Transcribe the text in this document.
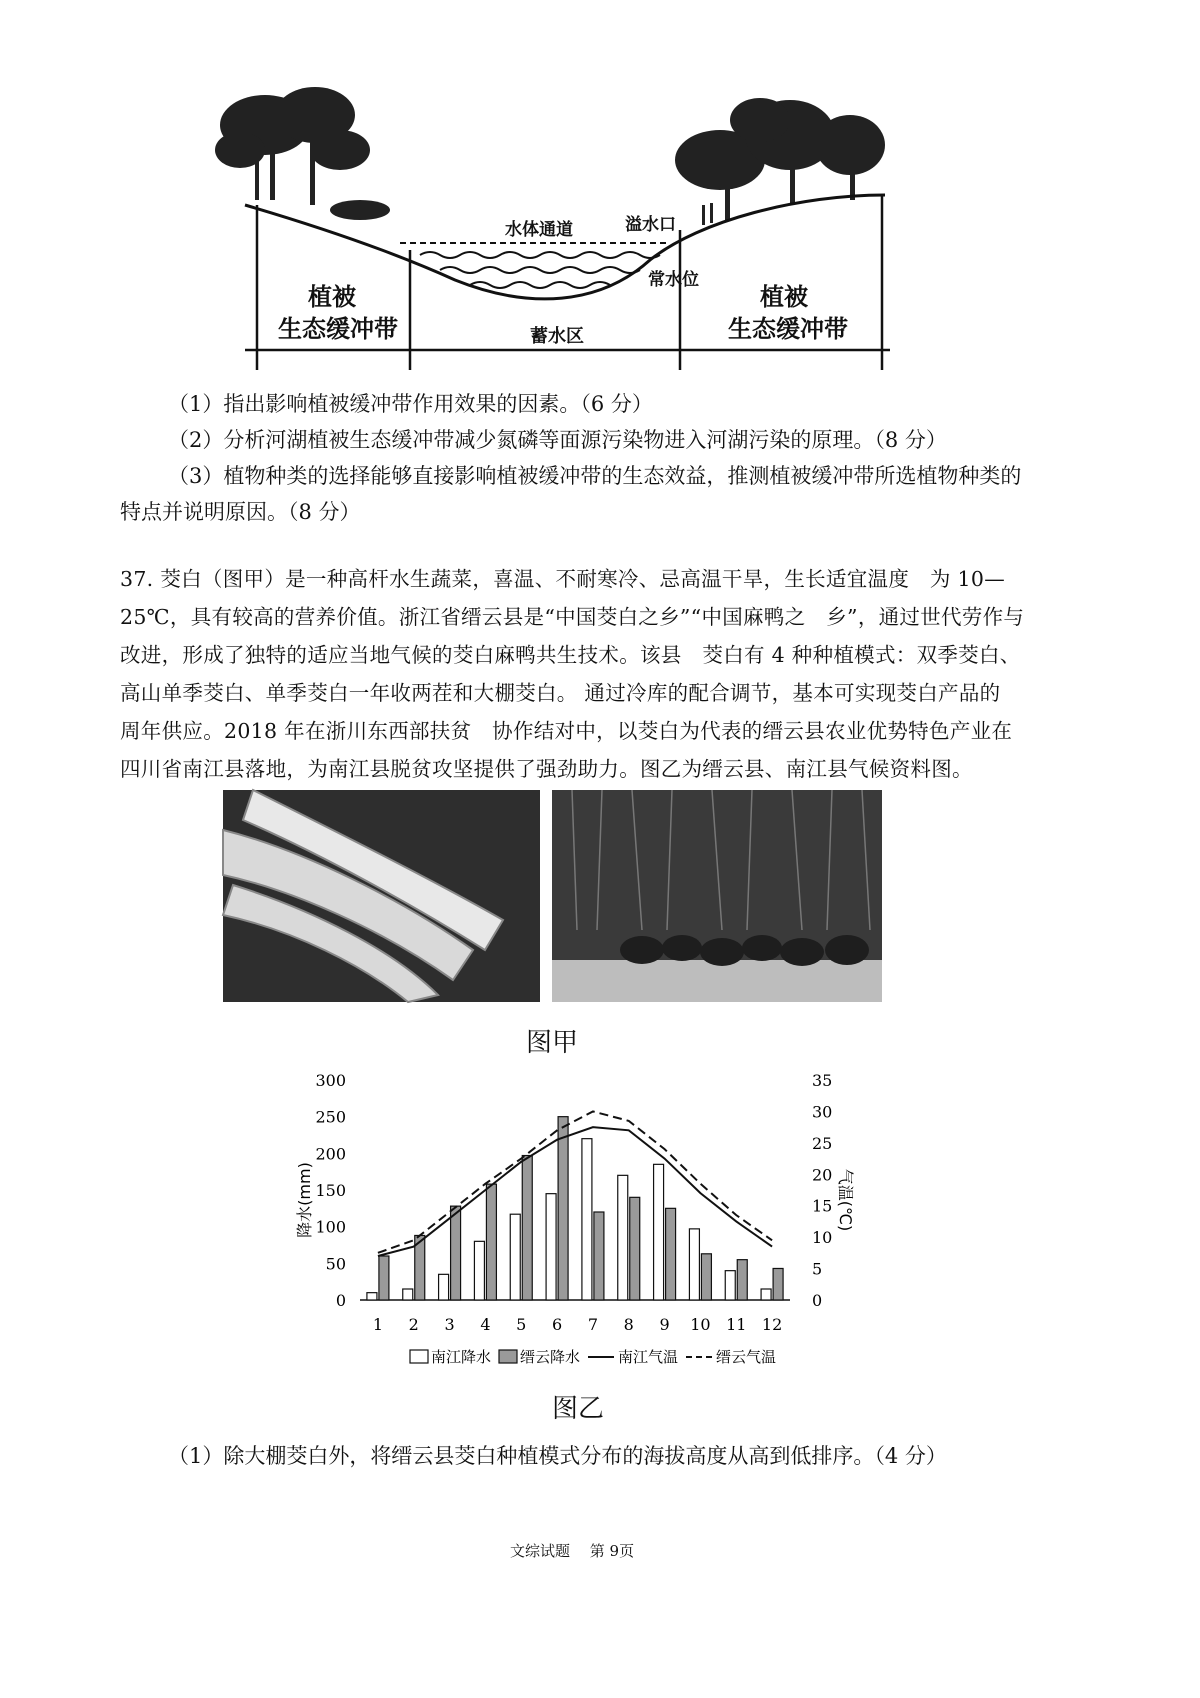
水体通道	溢水口
常水位
植被
生态缓冲带
植被
生态缓冲带
蓄水区
（1）指出影响植被缓冲带作用效果的因素。（6 分）
（2）分析河湖植被生态缓冲带减少氮磷等面源污染物进入河湖污染的原理。（8 分）
（3）植物种类的选择能够直接影响植被缓冲带的生态效益，推测植被缓冲带所选植物种类的
特点并说明原因。（8 分）
37. 茭白（图甲）是一种高杆水生蔬菜，喜温、不耐寒冷、忌高温干旱，生长适宜温度　为 10—
25℃，具有较高的营养价值。浙江省缙云县是“中国茭白之乡”“中国麻鸭之　乡”，通过世代劳作与
改进，形成了独特的适应当地气候的茭白麻鸭共生技术。该县　茭白有 4 种种植模式：双季茭白、
高山单季茭白、单季茭白一年收两茬和大棚茭白。 通过冷库的配合调节，基本可实现茭白产品的
周年供应。2018 年在浙川东西部扶贫　协作结对中，以茭白为代表的缙云县农业优势特色产业在
四川省南江县落地，为南江县脱贫攻坚提供了强劲助力。图乙为缙云县、南江县气候资料图。
图甲
0
50
100
150
200
250
300
0
5
10
15
20
25
30
35
降水(mm)	气温(℃)
1 2 3 4 5 6 7 8 9 10 11 12
南江降水 缙云降水	南江气温	缙云气温
图乙
（1）除大棚茭白外，将缙云县茭白种植模式分布的海拔高度从高到低排序。（4 分）
文综试题　 第 9页
